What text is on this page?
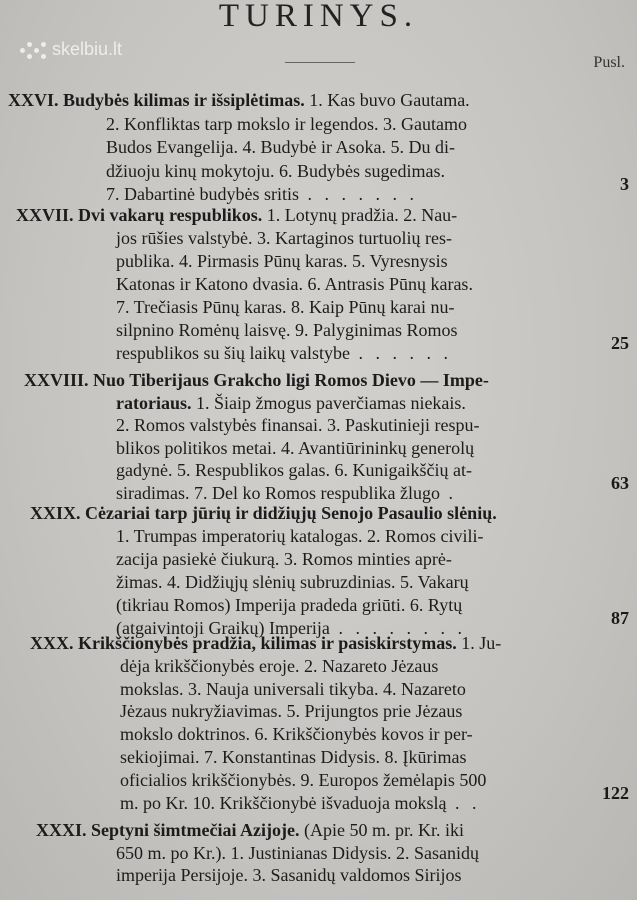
TURINYS.
skelbiu.lt
Pusl.
XXVI. Budybės kilimas ir išsiplėtimas. 1. Kas buvo Gautama.
2. Konfliktas tarp mokslo ir legendos. 3. Gautamo
Budos Evangelija. 4. Budybė ir Asoka. 5. Du di-
džiuoju kinų mokytoju. 6. Budybės sugedimas.
7. Dabartinė budybės sritis . . . . . . .	3
XXVII. Dvi vakarų respublikos. 1. Lotynų pradžia. 2. Nau-
jos rūšies valstybė. 3. Kartaginos turtuolių res-
publika. 4. Pirmasis Pūnų karas. 5. Vyresnysis
Katonas ir Katono dvasia. 6. Antrasis Pūnų karas.
7. Trečiasis Pūnų karas. 8. Kaip Pūnų karai nu-
silpnino Romėnų laisvę. 9. Palyginimas Romos
respublikos su šių laikų valstybe . . . . . .	25
XXVIII. Nuo Tiberijaus Grakcho ligi Romos Dievo — Impe-
ratoriaus. 1. Šiaip žmogus paverčiamas niekais.
2. Romos valstybės finansai. 3. Paskutinieji respu-
blikos politikos metai. 4. Avantiūrininkų generolų
gadynė. 5. Respublikos galas. 6. Kunigaikščių at-
siradimas. 7. Del ko Romos respublika žlugo .	63
XXIX. Cėzariai tarp jūrių ir didžiųjų Senojo Pasaulio slėnių.
1. Trumpas imperatorių katalogas. 2. Romos civili-
zacija pasiekė čiukurą. 3. Romos minties aprė-
žimas. 4. Didžiųjų slėnių subruzdinias. 5. Vakarų
(tikriau Romos) Imperija pradeda griūti. 6. Rytų
(atgaivintoji Graikų) Imperija . . . . . . . .	87
XXX. Krikščionybės pradžia, kilimas ir pasiskirstymas. 1. Ju-
dėja krikščionybės eroje. 2. Nazareto Jėzaus
mokslas. 3. Nauja universali tikyba. 4. Nazareto
Jėzaus nukryžiavimas. 5. Prijungtos prie Jėzaus
mokslo doktrinos. 6. Krikščionybės kovos ir per-
sekiojimai. 7. Konstantinas Didysis. 8. Įkūrimas
oficialios krikščionybės. 9. Europos žemėlapis 500
m. po Kr. 10. Krikščionybė išvaduoja mokslą . .	122
XXXI. Septyni šimtmečiai Azijoje. (Apie 50 m. pr. Kr. iki
650 m. po Kr.). 1. Justinianas Didysis. 2. Sasanidų
imperija Persijoje. 3. Sasanidų valdomos Sirijos
